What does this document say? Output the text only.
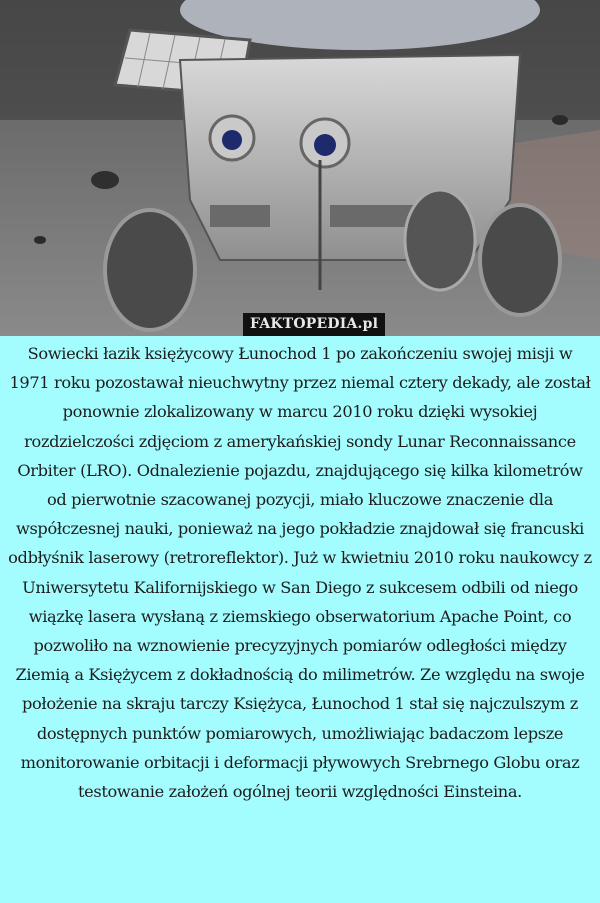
FAKTOPEDIA.pl
Sowiecki łazik księżycowy Łunochod 1 po zakończeniu swojej misji w 1971 roku pozostawał nieuchwytny przez niemal cztery dekady, ale został ponownie zlokalizowany w marcu 2010 roku dzięki wysokiej rozdzielczości zdjęciom z amerykańskiej sondy Lunar Reconnaissance Orbiter (LRO). Odnalezienie pojazdu, znajdującego się kilka kilometrów od pierwotnie szacowanej pozycji, miało kluczowe znaczenie dla współczesnej nauki, ponieważ na jego pokładzie znajdował się francuski odbłyśnik laserowy (retroreflektor). Już w kwietniu 2010 roku naukowcy z Uniwersytetu Kalifornijskiego w San Diego z sukcesem odbili od niego wiązkę lasera wysłaną z ziemskiego obserwatorium Apache Point, co pozwoliło na wznowienie precyzyjnych pomiarów odległości między Ziemią a Księżycem z dokładnością do milimetrów. Ze względu na swoje położenie na skraju tarczy Księżyca, Łunochod 1 stał się najczulszym z dostępnych punktów pomiarowych, umożliwiając badaczom lepsze monitorowanie orbitacji i deformacji pływowych Srebrnego Globu oraz testowanie założeń ogólnej teorii względności Einsteina.
